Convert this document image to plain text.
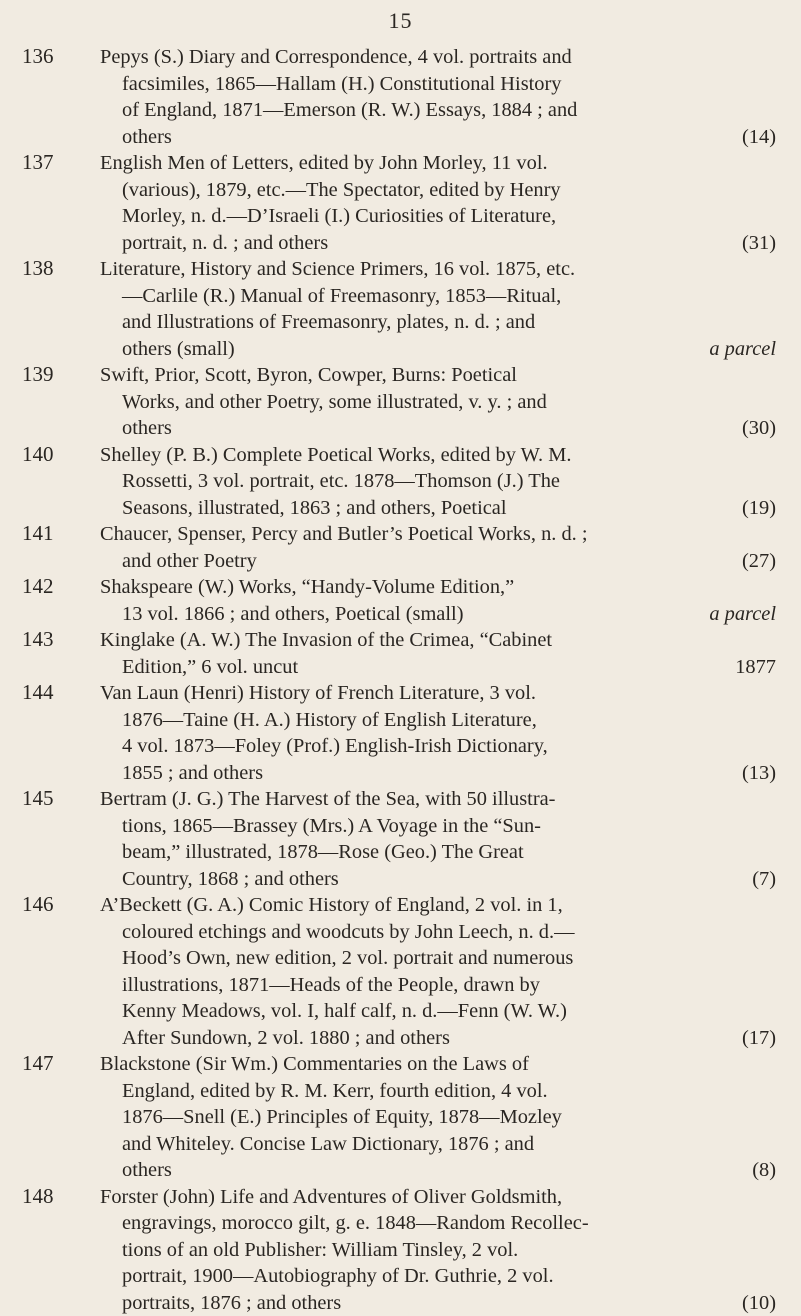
15
136	Pepys (S.) Diary and Correspondence, 4 vol. portraits and
facsimiles, 1865—Hallam (H.) Constitutional History
of England, 1871—Emerson (R. W.) Essays, 1884 ; and
others	(14)
137	English Men of Letters, edited by John Morley, 11 vol.
(various), 1879, etc.—The Spectator, edited by Henry
Morley, n. d.—D’Israeli (I.) Curiosities of Literature,
portrait, n. d. ; and others	(31)
138	Literature, History and Science Primers, 16 vol. 1875, etc.
—Carlile (R.) Manual of Freemasonry, 1853—Ritual,
and Illustrations of Freemasonry, plates, n. d. ; and
others (small)	a parcel
139	Swift, Prior, Scott, Byron, Cowper, Burns: Poetical
Works, and other Poetry, some illustrated, v. y. ; and
others	(30)
140	Shelley (P. B.) Complete Poetical Works, edited by W. M.
Rossetti, 3 vol. portrait, etc. 1878—Thomson (J.) The
Seasons, illustrated, 1863 ; and others, Poetical	(19)
141	Chaucer, Spenser, Percy and Butler’s Poetical Works, n. d. ;
and other Poetry	(27)
142	Shakspeare (W.) Works, “Handy-Volume Edition,”
13 vol. 1866 ; and others, Poetical (small)	a parcel
143	Kinglake (A. W.) The Invasion of the Crimea, “Cabinet
Edition,” 6 vol. uncut	1877
144	Van Laun (Henri) History of French Literature, 3 vol.
1876—Taine (H. A.) History of English Literature,
4 vol. 1873—Foley (Prof.) English-Irish Dictionary,
1855 ; and others	(13)
145	Bertram (J. G.) The Harvest of the Sea, with 50 illustra-
tions, 1865—Brassey (Mrs.) A Voyage in the “Sun-
beam,” illustrated, 1878—Rose (Geo.) The Great
Country, 1868 ; and others	(7)
146	A’Beckett (G. A.) Comic History of England, 2 vol. in 1,
coloured etchings and woodcuts by John Leech, n. d.—
Hood’s Own, new edition, 2 vol. portrait and numerous
illustrations, 1871—Heads of the People, drawn by
Kenny Meadows, vol. I, half calf, n. d.—Fenn (W. W.)
After Sundown, 2 vol. 1880 ; and others	(17)
147	Blackstone (Sir Wm.) Commentaries on the Laws of
England, edited by R. M. Kerr, fourth edition, 4 vol.
1876—Snell (E.) Principles of Equity, 1878—Mozley
and Whiteley. Concise Law Dictionary, 1876 ; and
others	(8)
148	Forster (John) Life and Adventures of Oliver Goldsmith,
engravings, morocco gilt, g. e. 1848—Random Recollec-
tions of an old Publisher: William Tinsley, 2 vol.
portrait, 1900—Autobiography of Dr. Guthrie, 2 vol.
portraits, 1876 ; and others	(10)
